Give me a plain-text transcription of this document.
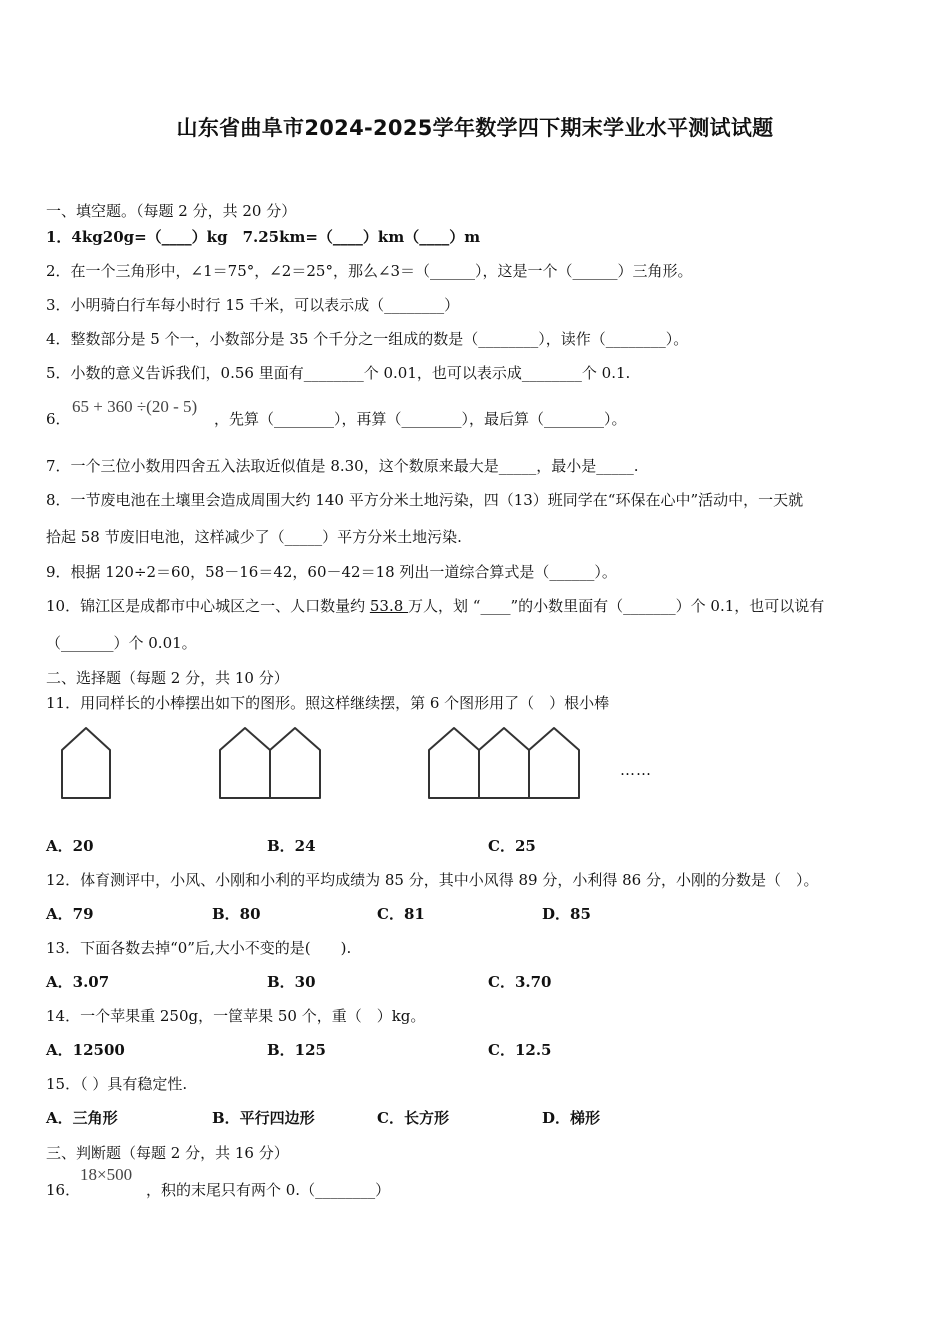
山东省曲阜市2024-2025学年数学四下期末学业水平测试试题
一、填空题。（每题 2 分，共 20 分）
1．4kg20g=（____）kg　7.25km=（____）km（____）m
2．在一个三角形中，∠1＝75°，∠2＝25°，那么∠3＝（______），这是一个（______）三角形。
3．小明骑白行车每小时行 15 千米，可以表示成（________）
4．整数部分是 5 个一，小数部分是 35 个千分之一组成的数是（________），读作（________）。
5．小数的意义告诉我们，0.56 里面有________个 0.01，也可以表示成________个 0.1.
6．
65 + 360 ÷(20 - 5)
，先算（________），再算（________），最后算（________）。
7．一个三位小数用四舍五入法取近似值是 8.30，这个数原来最大是_____，最小是_____.
8．一节废电池在土壤里会造成周围大约 140 平方分米土地污染，四（13）班同学在“环保在心中”活动中，一天就
拾起 58 节废旧电池，这样减少了（_____）平方分米土地污染.
9．根据 120÷2＝60，58－16＝42，60－42＝18 列出一道综合算式是（______）。
10．锦江区是成都市中心城区之一、人口数量约 53.8 万人，划 “____”的小数里面有（_______）个 0.1，也可以说有
（_______）个 0.01。
二、选择题（每题 2 分，共 10 分）
11．用同样长的小棒摆出如下的图形。照这样继续摆，第 6 个图形用了（　）根小棒
……
A．20	B．24	C．25
12．体育测评中，小风、小刚和小利的平均成绩为 85 分，其中小风得 89 分，小利得 86 分，小刚的分数是（　）。
A．79	B．80	C．81	D．85
13．下面各数去掉“0”后,大小不变的是(　　).
A．3.07	B．30	C．3.70
14．一个苹果重 250g，一筐苹果 50 个，重（　）kg。
A．12500	B．125	C．12.5
15．（ ）具有稳定性.
A．三角形	B．平行四边形	C．长方形	D．梯形
三、判断题（每题 2 分，共 16 分）
16．
18×500
，积的末尾只有两个 0.（________）
